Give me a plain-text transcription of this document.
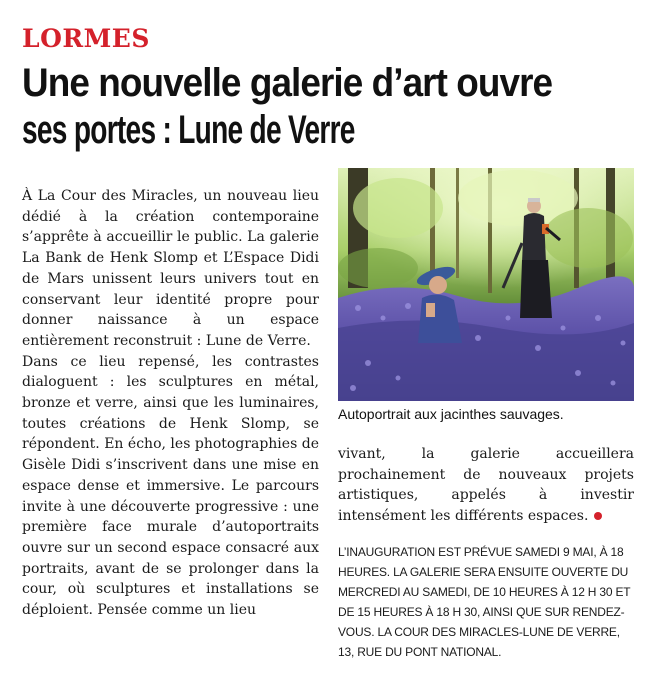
LORMES
Une nouvelle galerie d’art ouvre
ses portes : Lune de Verre

À La Cour des Miracles, un nouveau lieu dédié à la création contemporaine s’apprête à accueillir le public. La galerie La Bank de Henk Slomp et L’Espace Didi de Mars unissent leurs univers tout en conservant leur identité propre pour donner naissance à un espace entièrement reconstruit : Lune de Verre.

Dans ce lieu repensé, les contrastes dialoguent : les sculptures en métal, bronze et verre, ainsi que les luminaires, toutes créations de Henk Slomp, se répondent. En écho, les photographies de Gisèle Didi s’inscrivent dans une mise en espace dense et immersive. Le parcours invite à une découverte progressive : une première face murale d’autoportraits ouvre sur un second espace consacré aux portraits, avant de se prolonger dans la cour, où sculptures et installations se déploient. Pensée comme un lieu

Autoportrait aux jacinthes sauvages.

vivant, la galerie accueillera prochainement de nouveaux projets artistiques, appelés à investir intensément les différents espaces.

L’INAUGURATION EST PRÉVUE SAMEDI 9 MAI, À 18 HEURES. LA GALERIE SERA ENSUITE OUVERTE DU MERCREDI AU SAMEDI, DE 10 HEURES À 12 H 30 ET DE 15 HEURES À 18 H 30, AINSI QUE SUR RENDEZ-VOUS. LA COUR DES MIRACLES-LUNE DE VERRE, 13, RUE DU PONT NATIONAL.
